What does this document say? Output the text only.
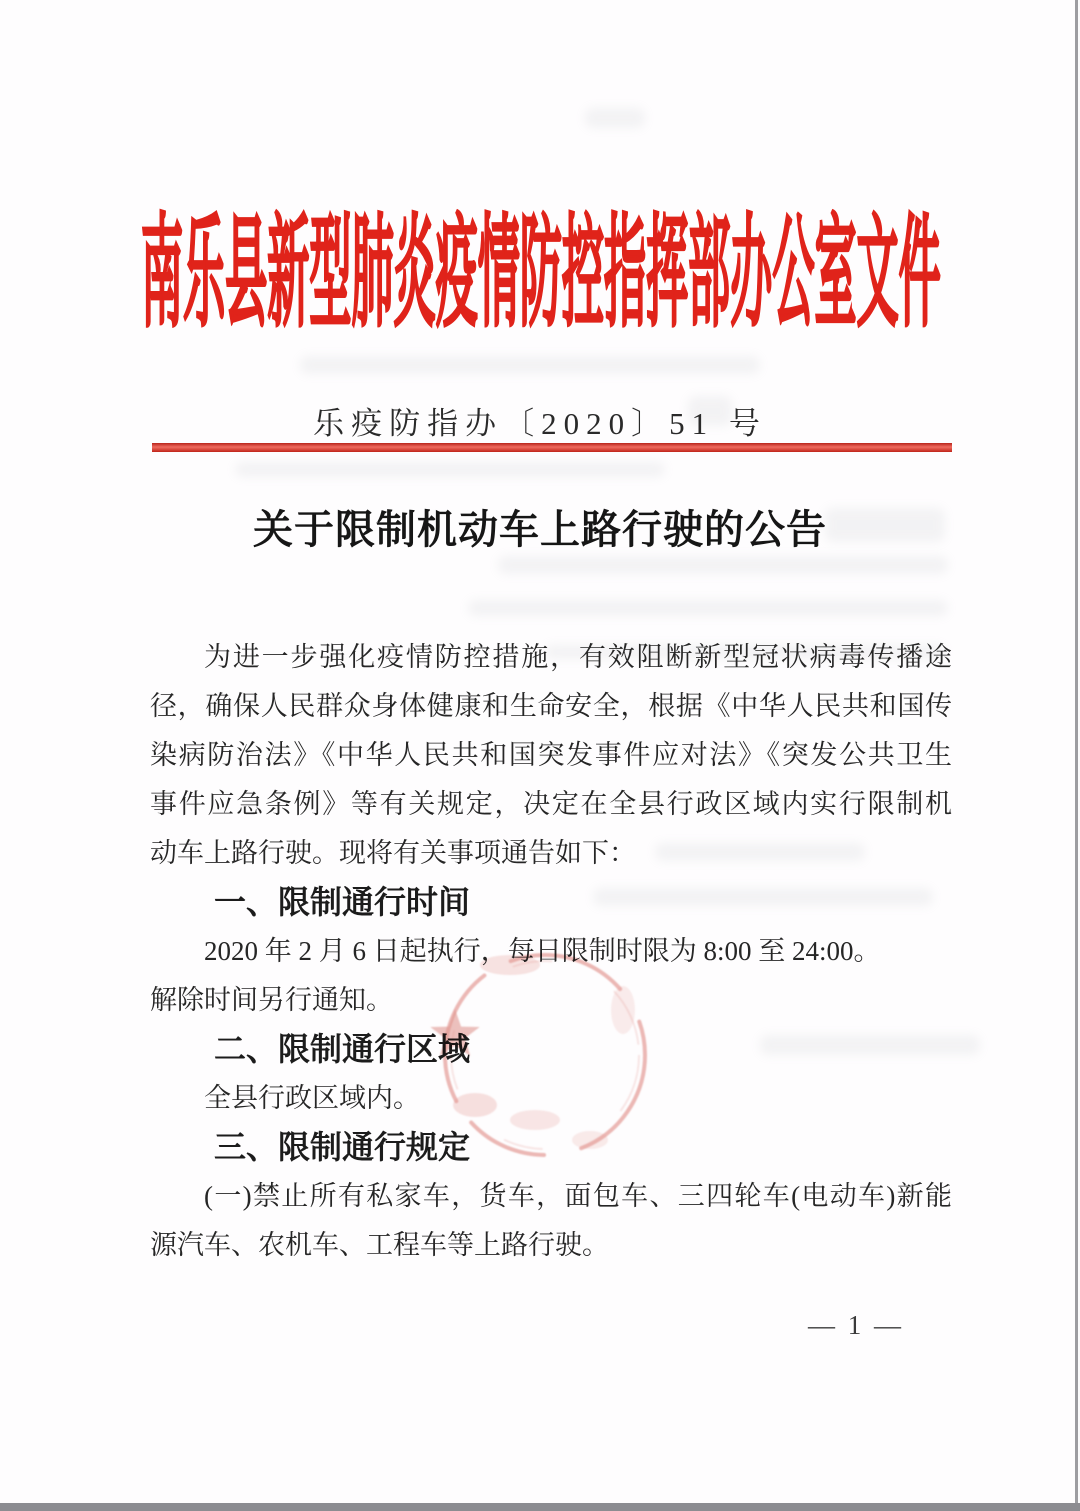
南乐县新型肺炎疫情防控指挥部办公室文件
乐疫防指办〔2020〕51 号
关于限制机动车上路行驶的公告
为进一步强化疫情防控措施，有效阻断新型冠状病毒传播途
径，确保人民群众身体健康和生命安全，根据《中华人民共和国传
染病防治法》《中华人民共和国突发事件应对法》《突发公共卫生
事件应急条例》等有关规定，决定在全县行政区域内实行限制机
动车上路行驶。现将有关事项通告如下：
一、限制通行时间
2020 年 2 月 6 日起执行，每日限制时限为 8:00 至 24:00。
解除时间另行通知。
二、限制通行区域
全县行政区域内。
三、限制通行规定
(一)禁止所有私家车，货车，面包车、三四轮车(电动车)新能
源汽车、农机车、工程车等上路行驶。
— 1 —
